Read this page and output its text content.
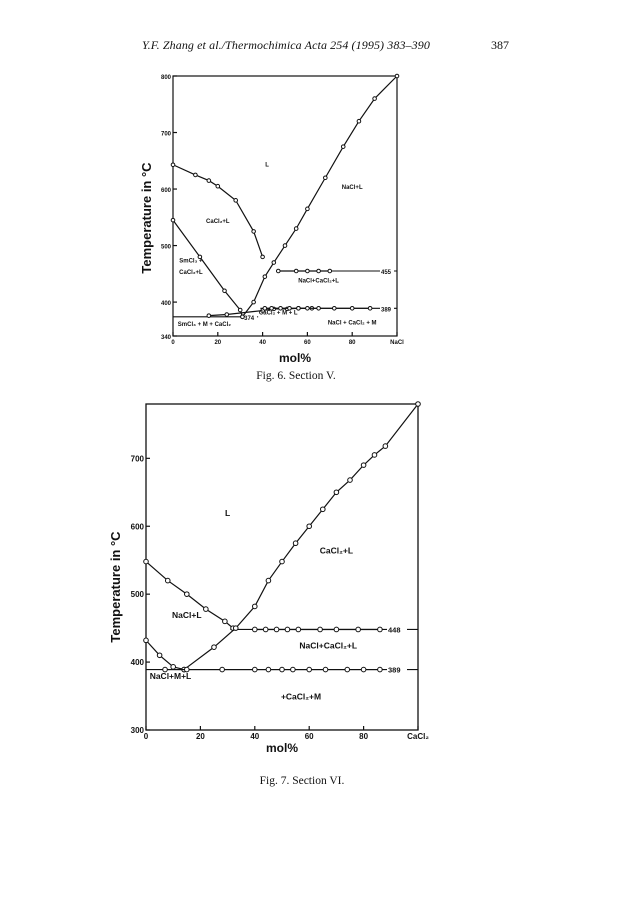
Y.F. Zhang et al./Thermochimica Acta 254 (1995) 383–390	387
0	20	40	60	80	NaCl
340
400
500
600
700
800
mol%
Temperature in °C
374
455
389
L
CaCl₂+L
NaCl+L
SmCl₃ +
CaCl₂+L
NaCl+CaCl₂+L
CaCl₂ + M + L
SmCl₃ + M + CaCl₂	NaCl + CaCl₂ + M
Fig. 6. Section V.
0	20	40	60	80	CaCl₂
300
400
500
600
700
mol%
Temperature in °C	448
389
L
CaCl₂+L
NaCl+L
NaCl+CaCl₂+L
NaCl+M+L
+CaCl₂+M
Fig. 7. Section VI.
